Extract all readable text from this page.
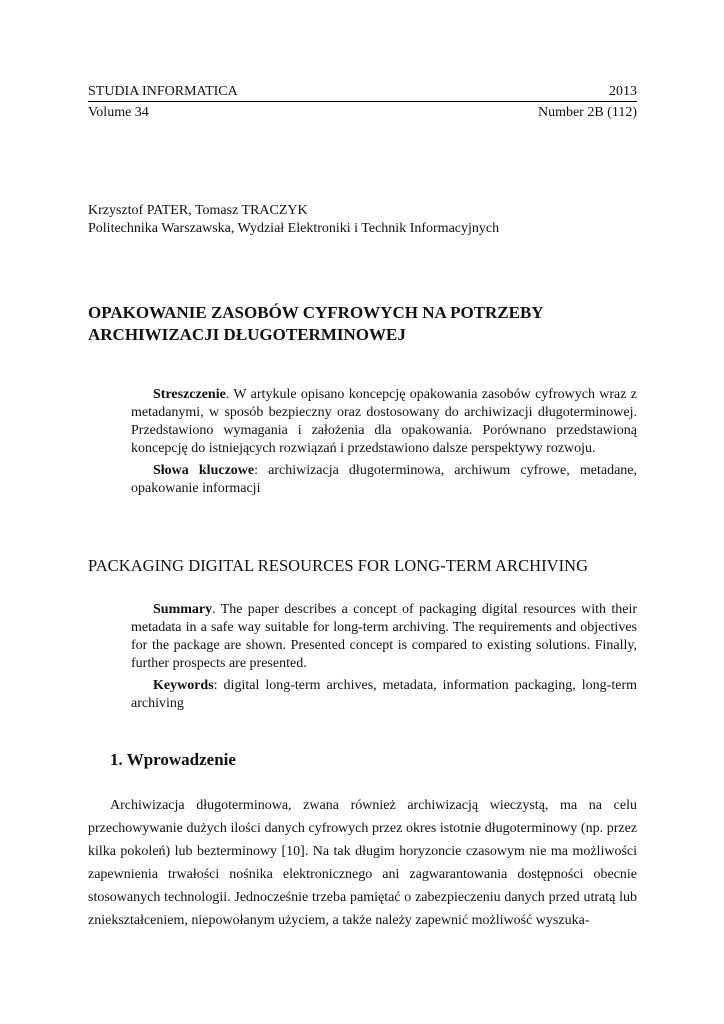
STUDIA INFORMATICA	2013
Volume 34	Number 2B (112)
Krzysztof PATER, Tomasz TRACZYK
Politechnika Warszawska, Wydział Elektroniki i Technik Informacyjnych
OPAKOWANIE ZASOBÓW CYFROWYCH NA POTRZEBY
ARCHIWIZACJI DŁUGOTERMINOWEJ

Streszczenie. W artykule opisano koncepcję opakowania zasobów cyfrowych wraz z metadanymi, w sposób bezpieczny oraz dostosowany do archiwizacji długoterminowej. Przedstawiono wymagania i założenia dla opakowania. Porównano przedstawioną koncepcję do istniejących rozwiązań i przedstawiono dalsze perspektywy rozwoju.

Słowa kluczowe: archiwizacja długoterminowa, archiwum cyfrowe, metadane, opakowanie informacji

PACKAGING DIGITAL RESOURCES FOR LONG-TERM ARCHIVING

Summary. The paper describes a concept of packaging digital resources with their metadata in a safe way suitable for long-term archiving. The requirements and objectives for the package are shown. Presented concept is compared to existing solutions. Finally, further prospects are presented.

Keywords: digital long-term archives, metadata, information packaging, long-term archiving

1. Wprowadzenie

Archiwizacja długoterminowa, zwana również archiwizacją wieczystą, ma na celu przechowywanie dużych ilości danych cyfrowych przez okres istotnie długoterminowy (np. przez kilka pokoleń) lub bezterminowy [10]. Na tak długim horyzoncie czasowym nie ma możliwości zapewnienia trwałości nośnika elektronicznego ani zagwarantowania dostępności obecnie stosowanych technologii. Jednocześnie trzeba pamiętać o zabezpieczeniu danych przed utratą lub zniekształceniem, niepowołanym użyciem, a także należy zapewnić możliwość wyszuka-
